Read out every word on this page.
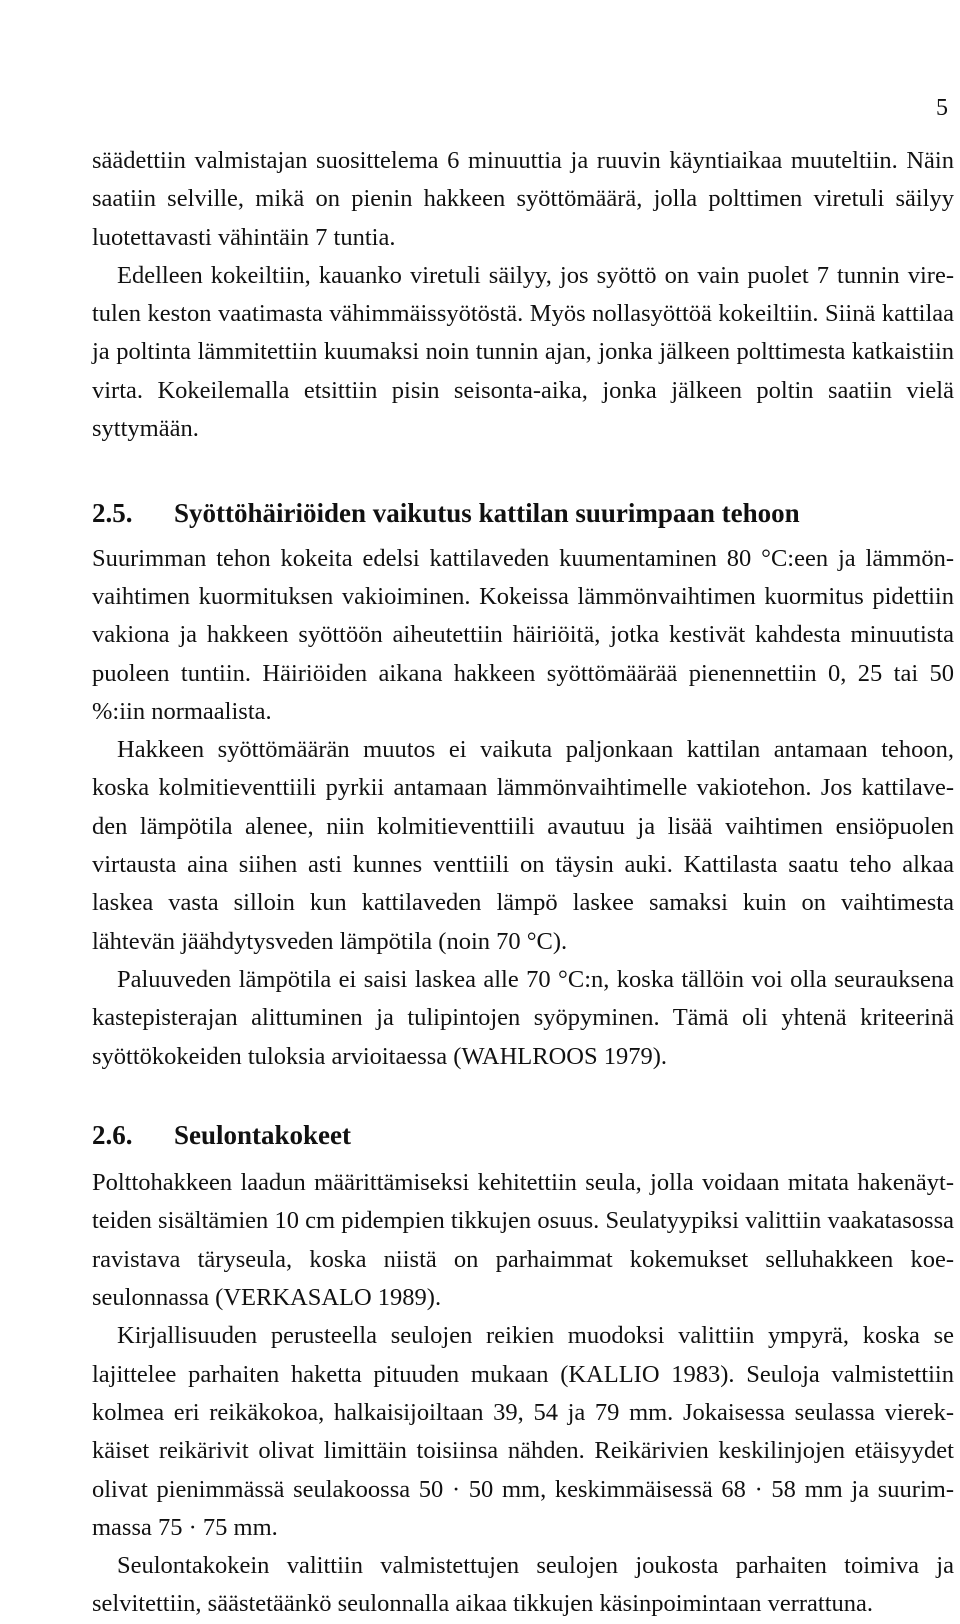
5

säädettiin valmistajan suosittelema 6 minuuttia ja ruuvin käyntiaikaa muuteltiin. Näin saatiin selville, mikä on pienin hakkeen syöttömäärä, jolla polttimen viretuli säilyy luotettavasti vähintäin 7 tuntia.

Edelleen kokeiltiin, kauanko viretuli säilyy, jos syöttö on vain puolet 7 tunnin viretulen keston vaatimasta vähimmäissyötöstä. Myös nollasyöttöä kokeiltiin. Siinä kattilaa ja poltinta lämmitettiin kuumaksi noin tunnin ajan, jonka jälkeen polttimesta katkaistiin virta. Kokeilemalla etsittiin pisin seisonta-aika, jonka jälkeen poltin saatiin vielä syttymään.

2.5.	Syöttöhäiriöiden vaikutus kattilan suurimpaan tehoon

Suurimman tehon kokeita edelsi kattilaveden kuumentaminen 80 °C:een ja lämmönvaihtimen kuormituksen vakioiminen. Kokeissa lämmönvaihtimen kuormitus pidettiin vakiona ja hakkeen syöttöön aiheutettiin häiriöitä, jotka kestivät kahdesta minuutista puoleen tuntiin. Häiriöiden aikana hakkeen syöttömäärää pienennettiin 0, 25 tai 50 %:iin normaalista.

Hakkeen syöttömäärän muutos ei vaikuta paljonkaan kattilan antamaan tehoon, koska kolmitieventtiili pyrkii antamaan lämmönvaihtimelle vakiotehon. Jos kattilaveden lämpötila alenee, niin kolmitieventtiili avautuu ja lisää vaihtimen ensiöpuolen virtausta aina siihen asti kunnes venttiili on täysin auki. Kattilasta saatu teho alkaa laskea vasta silloin kun kattilaveden lämpö laskee samaksi kuin on vaihtimesta lähtevän jäähdytysveden lämpötila (noin 70 °C).

Paluuveden lämpötila ei saisi laskea alle 70 °C:n, koska tällöin voi olla seurauksena kastepisterajan alittuminen ja tulipintojen syöpyminen. Tämä oli yhtenä kriteerinä syöttökokeiden tuloksia arvioitaessa (WAHLROOS 1979).

2.6.	Seulontakokeet

Polttohakkeen laadun määrittämiseksi kehitettiin seula, jolla voidaan mitata hakenäytteiden sisältämien 10 cm pidempien tikkujen osuus. Seulatyypiksi valittiin vaakatasossa ravistava täryseula, koska niistä on parhaimmat kokemukset selluhakkeen koeseulonnassa (VERKASALO 1989).

Kirjallisuuden perusteella seulojen reikien muodoksi valittiin ympyrä, koska se lajittelee parhaiten haketta pituuden mukaan (KALLIO 1983). Seuloja valmistettiin kolmea eri reikäkokoa, halkaisijoiltaan 39, 54 ja 79 mm. Jokaisessa seulassa vierekkäiset reikärivit olivat limittäin toisiinsa nähden. Reikärivien keskilinjojen etäisyydet olivat pienimmässä seulakoossa 50 · 50 mm, keskimmäisessä 68 · 58 mm ja suurimmassa 75 · 75 mm.

Seulontakokein valittiin valmistettujen seulojen joukosta parhaiten toimiva ja selvitettiin, säästetäänkö seulonnalla aikaa tikkujen käsinpoimintaan verrattuna.
